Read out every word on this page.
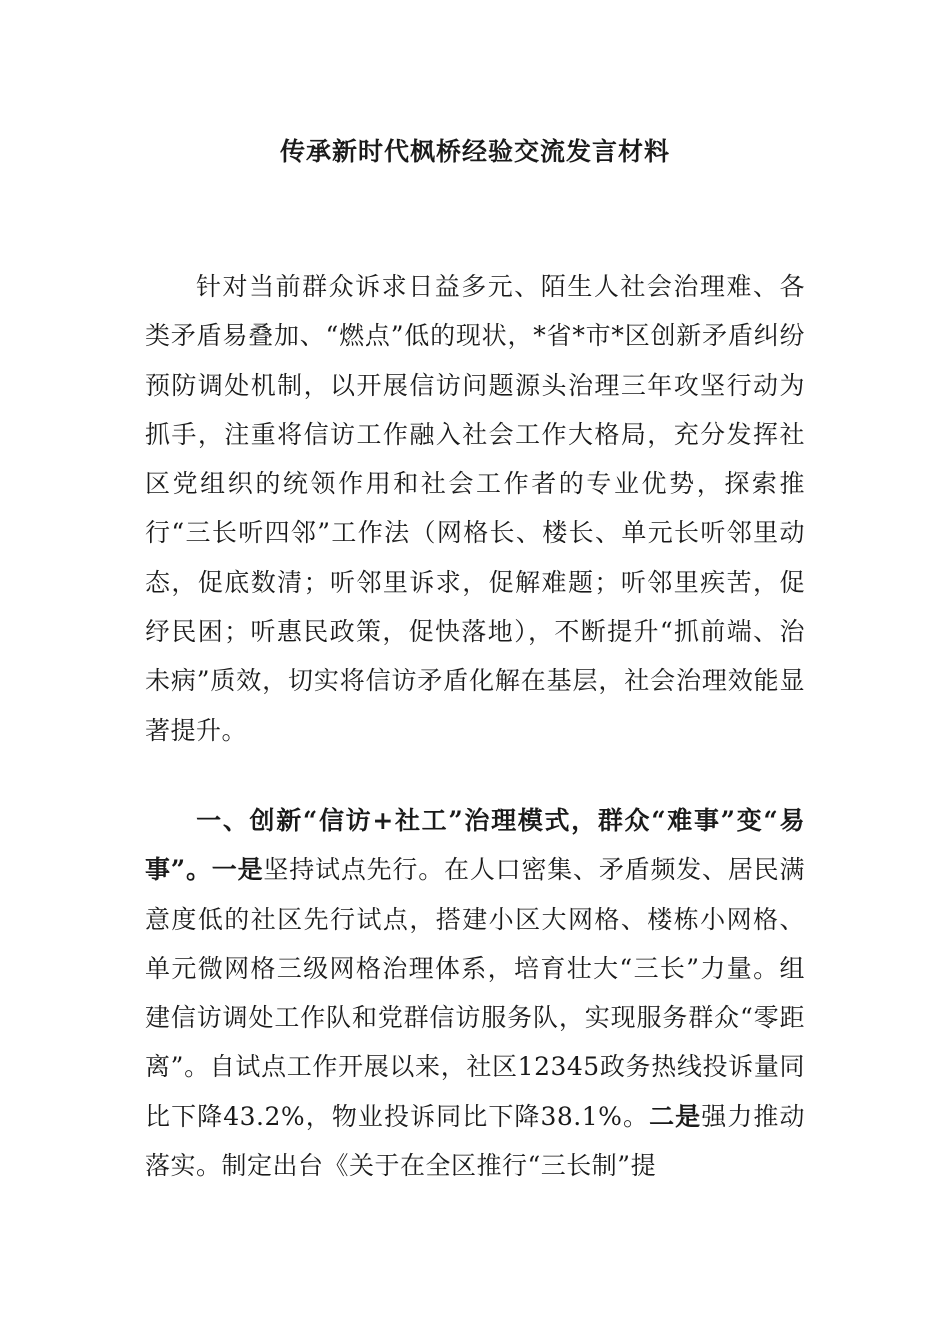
传承新时代枫桥经验交流发言材料
针对当前群众诉求日益多元、陌生人社会治理难、各类矛盾易叠加、“燃点”低的现状，*省*市*区创新矛盾纠纷预防调处机制，以开展信访问题源头治理三年攻坚行动为抓手，注重将信访工作融入社会工作大格局，充分发挥社区党组织的统领作用和社会工作者的专业优势，探索推行“三长听四邻”工作法（网格长、楼长、单元长听邻里动态，促底数清；听邻里诉求，促解难题；听邻里疾苦，促纾民困；听惠民政策，促快落地），不断提升“抓前端、治未病”质效，切实将信访矛盾化解在基层，社会治理效能显著提升。
一、创新“信访+社工”治理模式，群众“难事”变“易事”。一是坚持试点先行。在人口密集、矛盾频发、居民满意度低的社区先行试点，搭建小区大网格、楼栋小网格、单元微网格三级网格治理体系，培育壮大“三长”力量。组建信访调处工作队和党群信访服务队，实现服务群众“零距离”。自试点工作开展以来，社区12345政务热线投诉量同比下降43.2%，物业投诉同比下降38.1%。二是强力推动落实。制定出台《关于在全区推行“三长制”提
